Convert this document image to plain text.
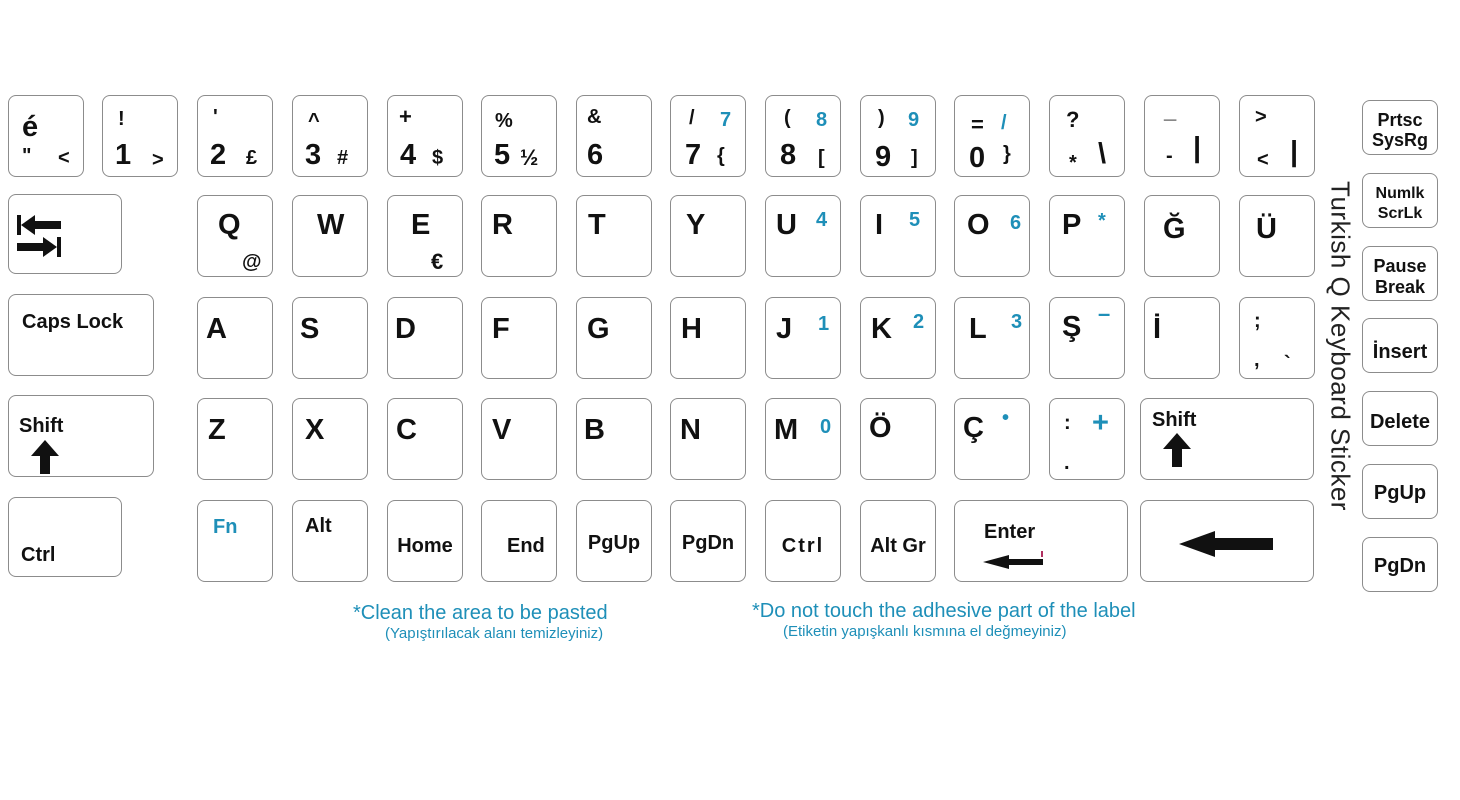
é
" <
!
1 >
'
2 £
^
3 #
+
4 $
%
5 ½
&
6
/
7 {
7	(
8 [
8	)
9 ]
9 =
0 }
/	?
* \
_
- |
>
< |
Q
@
W E
€
R	T	Y U 4 I 5 O 6 P * Ğ Ü
Caps Lock	A	S	D	F	G H	J 1 K 2 L 3 Ş – İ	;
, `
Shift	Z	X C	V	B	N	M 0 Ö Ç •	:
.
+ Shift
Ctrl
Fn	Alt
Home	End	PgUp	PgDn	Ctrl	Alt Gr
Enter
Prtsc
SysRg
Numlk
ScrLk
Pause
Break
İnsert
Delete
PgUp
PgDn
Turkish Q Keyboard Sticker
*Clean the area to be pasted
(Yapıştırılacak alanı temizleyiniz)
*Do not touch the adhesive part of the label
(Etiketin yapışkanlı kısmına el değmeyiniz)
